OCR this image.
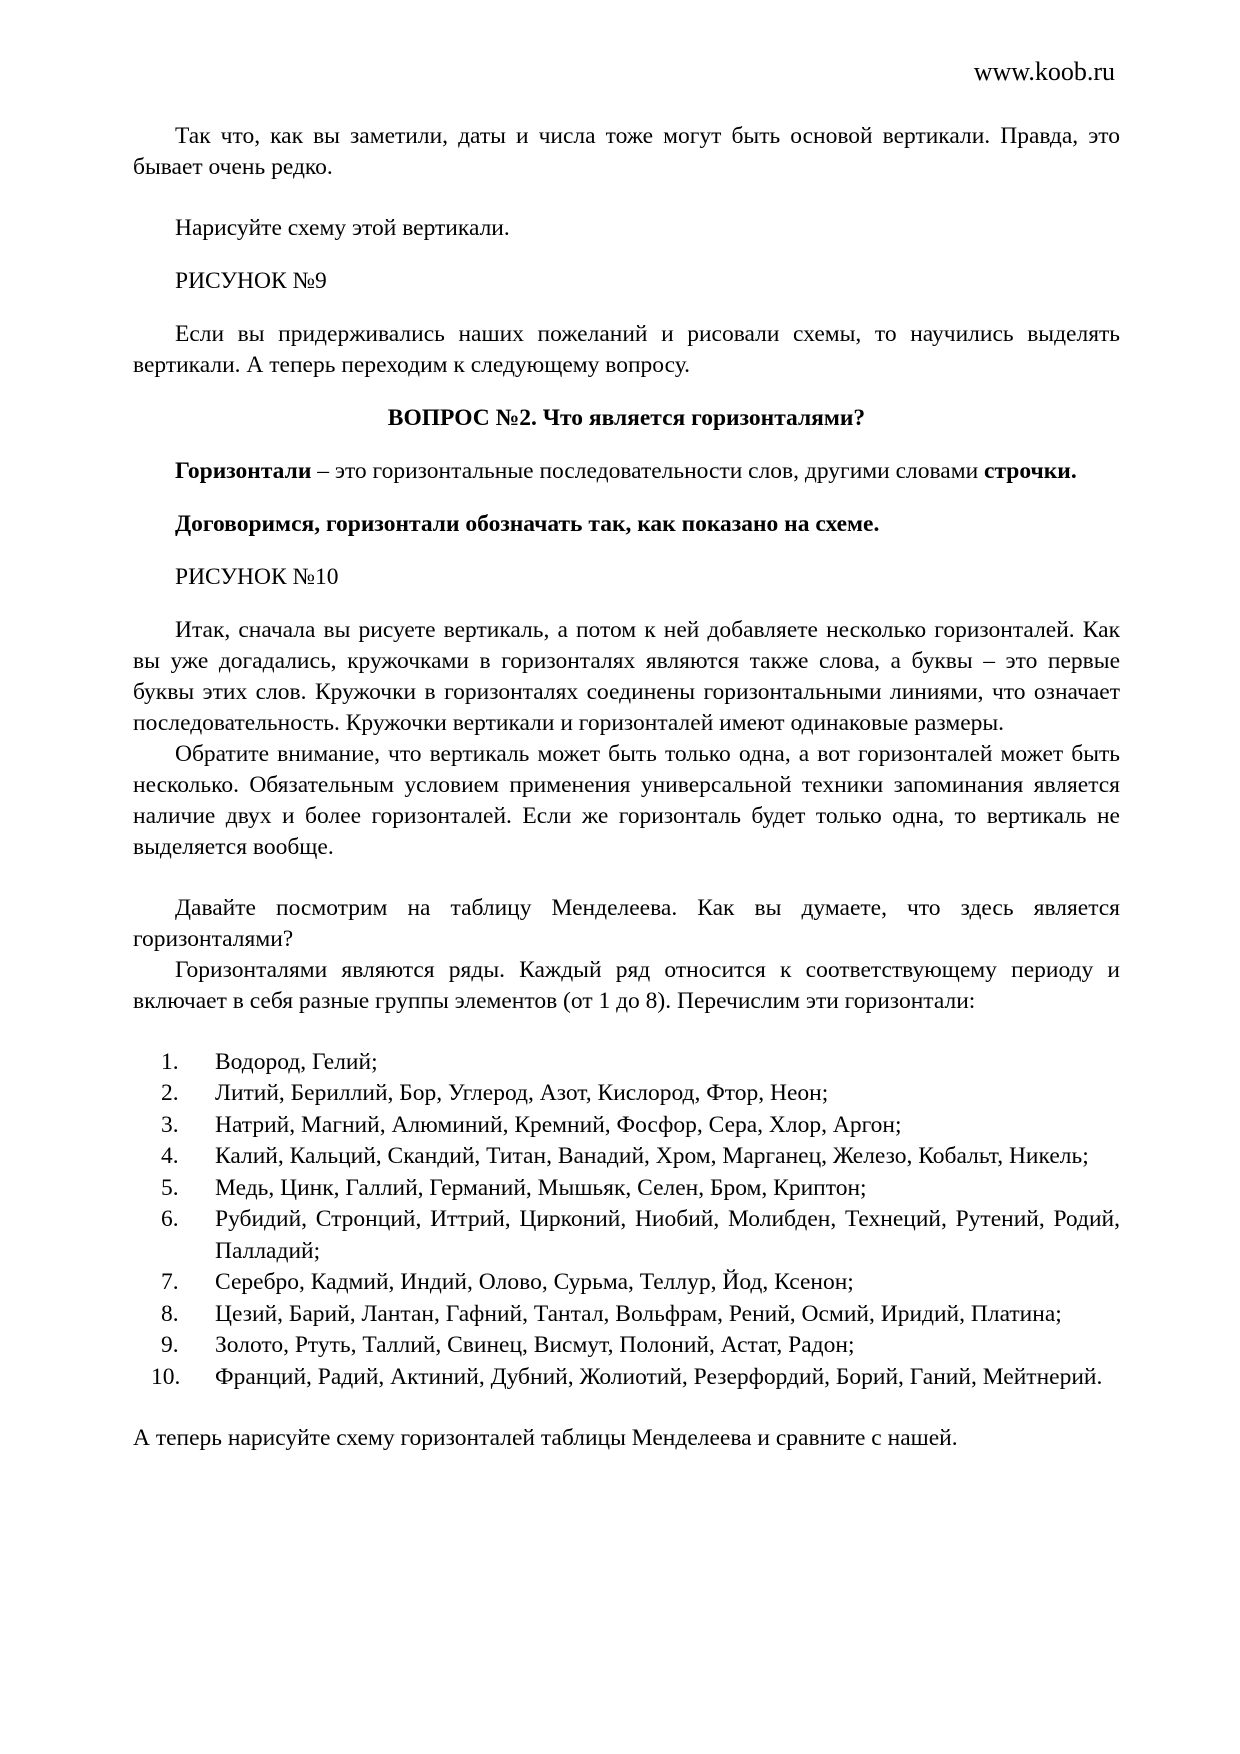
www.koob.ru

Так что, как вы заметили, даты и числа тоже могут быть основой вертикали. Правда, это бывает очень редко.

Нарисуйте схему этой вертикали.

РИСУНОК №9

Если вы придерживались наших пожеланий и рисовали схемы, то научились выделять вертикали. А теперь переходим к следующему вопросу.

ВОПРОС №2. Что является горизонталями?

Горизонтали – это горизонтальные последовательности слов, другими словами строчки.

Договоримся, горизонтали обозначать так, как показано на схеме.

РИСУНОК №10

Итак, сначала вы рисуете вертикаль, а потом к ней добавляете несколько горизонталей. Как вы уже догадались, кружочками в горизонталях являются также слова, а буквы – это первые буквы этих слов. Кружочки в горизонталях соединены горизонтальными линиями, что означает последовательность. Кружочки вертикали и горизонталей имеют одинаковые размеры.

Обратите внимание, что вертикаль может быть только одна, а вот горизонталей может быть несколько. Обязательным условием применения универсальной техники запоминания является наличие двух и более горизонталей. Если же горизонталь будет только одна, то вертикаль не выделяется вообще.

Давайте посмотрим на таблицу Менделеева. Как вы думаете, что здесь является горизонталями?

Горизонталями являются ряды. Каждый ряд относится к соответствующему периоду и включает в себя разные группы элементов (от 1 до 8). Перечислим эти горизонтали:

Водород, Гелий;
Литий, Бериллий, Бор, Углерод, Азот, Кислород, Фтор, Неон;
Натрий, Магний, Алюминий, Кремний, Фосфор, Сера, Хлор, Аргон;
Калий, Кальций, Скандий, Титан, Ванадий, Хром, Марганец, Железо, Кобальт, Никель;
Медь, Цинк, Галлий, Германий, Мышьяк, Селен, Бром, Криптон;
Рубидий, Стронций, Иттрий, Цирконий, Ниобий, Молибден, Технеций, Рутений, Родий, Палладий;
Серебро, Кадмий, Индий, Олово, Сурьма, Теллур, Йод, Ксенон;
Цезий, Барий, Лантан, Гафний, Тантал, Вольфрам, Рений, Осмий, Иридий, Платина;
Золото, Ртуть, Таллий, Свинец, Висмут, Полоний, Астат, Радон;
Франций, Радий, Актиний, Дубний, Жолиотий, Резерфордий, Борий, Ганий, Мейтнерий.

А теперь нарисуйте схему горизонталей таблицы Менделеева и сравните с нашей.
